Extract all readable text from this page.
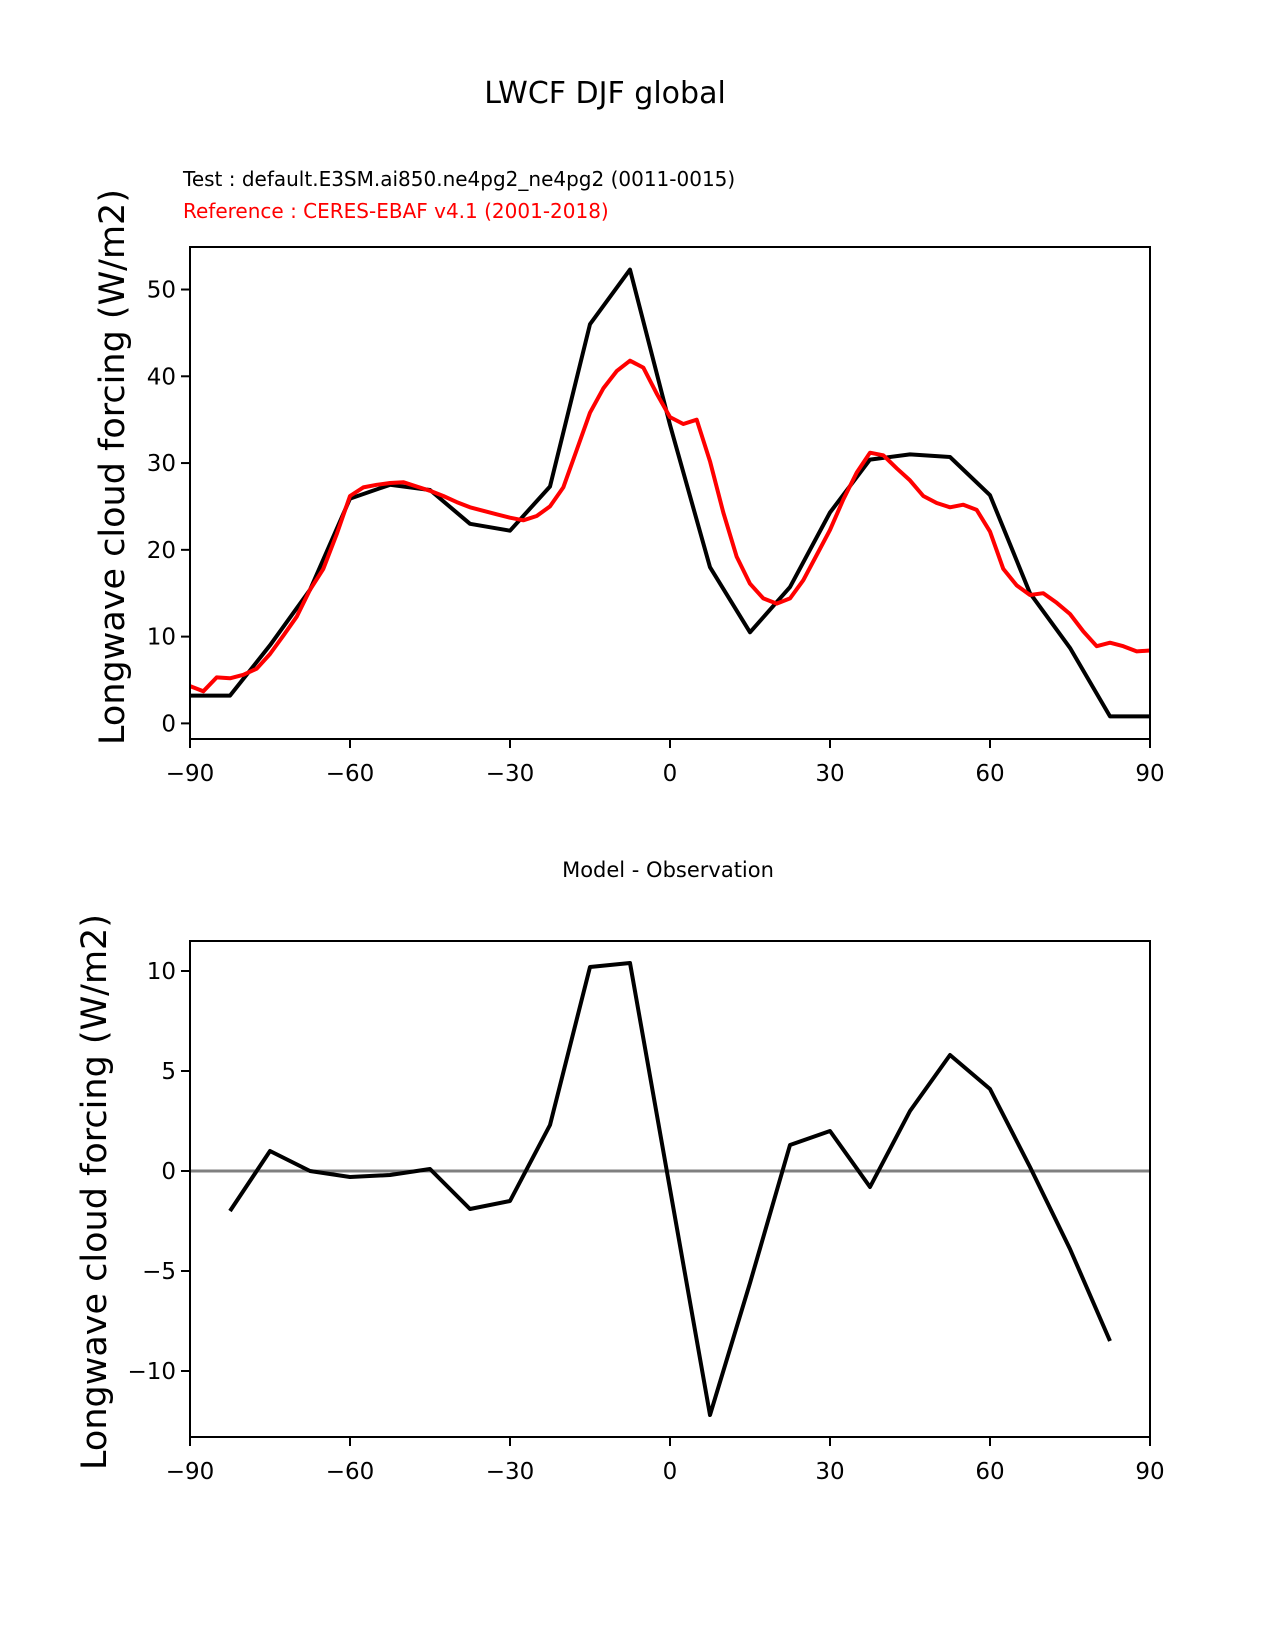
−90	−60	−30	0	30	60	90
0
10
20
30
40
50
−90	−60	−30	0	30	60	90
−10
−5
0
5
10
LWCF DJF global
Test : default.E3SM.ai850.ne4pg2_ne4pg2 (0011-0015)
Reference : CERES-EBAF v4.1 (2001-2018)
Longwave cloud forcing (W/m2)
Model - Observation
Longwave cloud forcing (W/m2)
